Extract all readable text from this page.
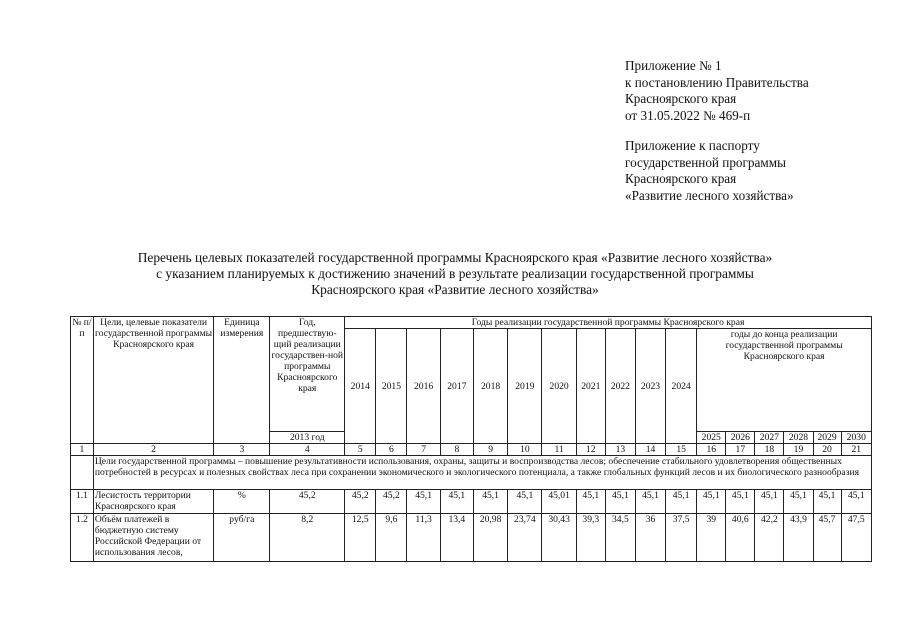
Приложение № 1
к постановлению Правительства
Красноярского края
от 31.05.2022 № 469-п
Приложение к паспорту
государственной программы
Красноярского края
«Развитие лесного хозяйства»
Перечень целевых показателей государственной программы Красноярского края «Развитие лесного хозяйства»
с указанием планируемых к достижению значений в результате реализации государственной программы
Красноярского края «Развитие лесного хозяйства»
№ п/п	Цели, целевые показатели государственной программы Красноярского края	Единица измерения	Год, предшествую-щий реализации государствен-ной программы Красноярского края	Годы реализации государственной программы Красноярского края																
				2014	2015	2016	2017	2018	2019	2020	2021	2022	2023	2024	годы до конца реализации государственной программы Красноярского края					

			2013 год												2025	2026	2027	2028	2029	2030
1	2	3	4	5	6	7	8	9	10	11	12	13	14	15	16	17	18	19	20	21
	Цели государственной программы – повышение результативности использования, охраны, защиты и воспроизводства лесов; обеспечение стабильного удовлетворения общественных потребностей в ресурсах и полезных свойствах леса при сохранении экономического и экологического потенциала, а также глобальных функций лесов и их биологического разнообразия																			
1.1	Лесистость территории Красноярского края	%	45,2	45,2	45,2	45,1	45,1	45,1	45,1	45,01	45,1	45,1	45,1	45,1	45,1	45,1	45,1	45,1	45,1	45,1
1.2	Объём платежей в бюджетную систему Российской Федерации от использования лесов,	руб/га	8,2	12,5	9,6	11,3	13,4	20,98	23,74	30,43	39,3	34,5	36	37,5	39	40,6	42,2	43,9	45,7	47,5
